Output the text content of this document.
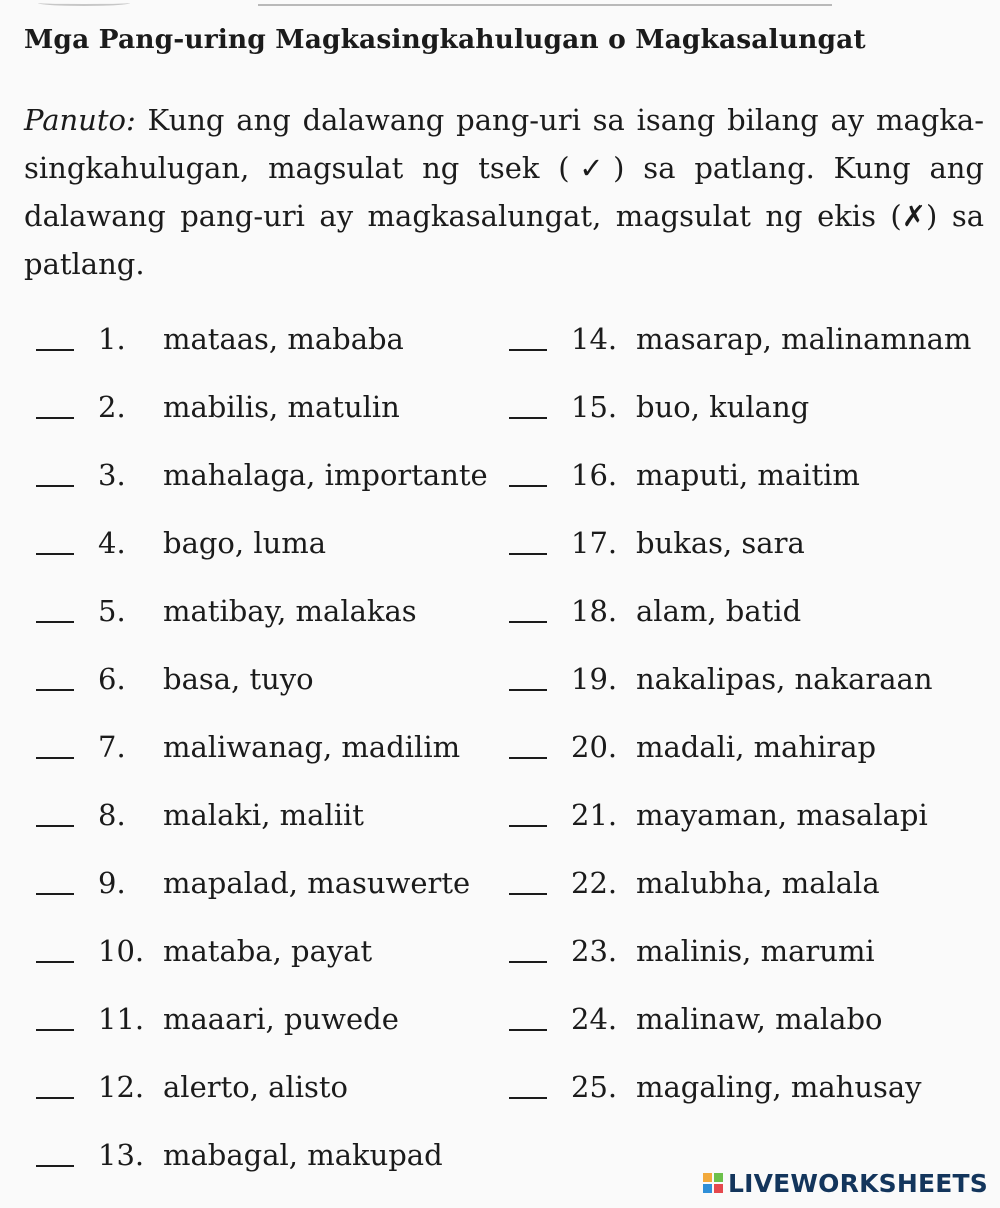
Mga Pang-uring Magkasingkahulugan o Magkasalungat
Panuto: Kung ang dalawang pang-uri sa isang bilang ay magka-singkahulugan, magsulat ng tsek (✓) sa patlang. Kung ang dalawang pang-uri ay magkasalungat, magsulat ng ekis (✗) sa patlang.
1. mataas, mababa
2. mabilis, matulin
3. mahalaga, importante
4. bago, luma
5. matibay, malakas
6. basa, tuyo
7. maliwanag, madilim
8. malaki, maliit
9. mapalad, masuwerte
10. mataba, payat
11. maaari, puwede
12. alerto, alisto
13. mabagal, makupad
14. masarap, malinamnam
15. buo, kulang
16. maputi, maitim
17. bukas, sara
18. alam, batid
19. nakalipas, nakaraan
20. madali, mahirap
21. mayaman, masalapi
22. malubha, malala
23. malinis, marumi
24. malinaw, malabo
25. magaling, mahusay
LIVEWORKSHEETS
